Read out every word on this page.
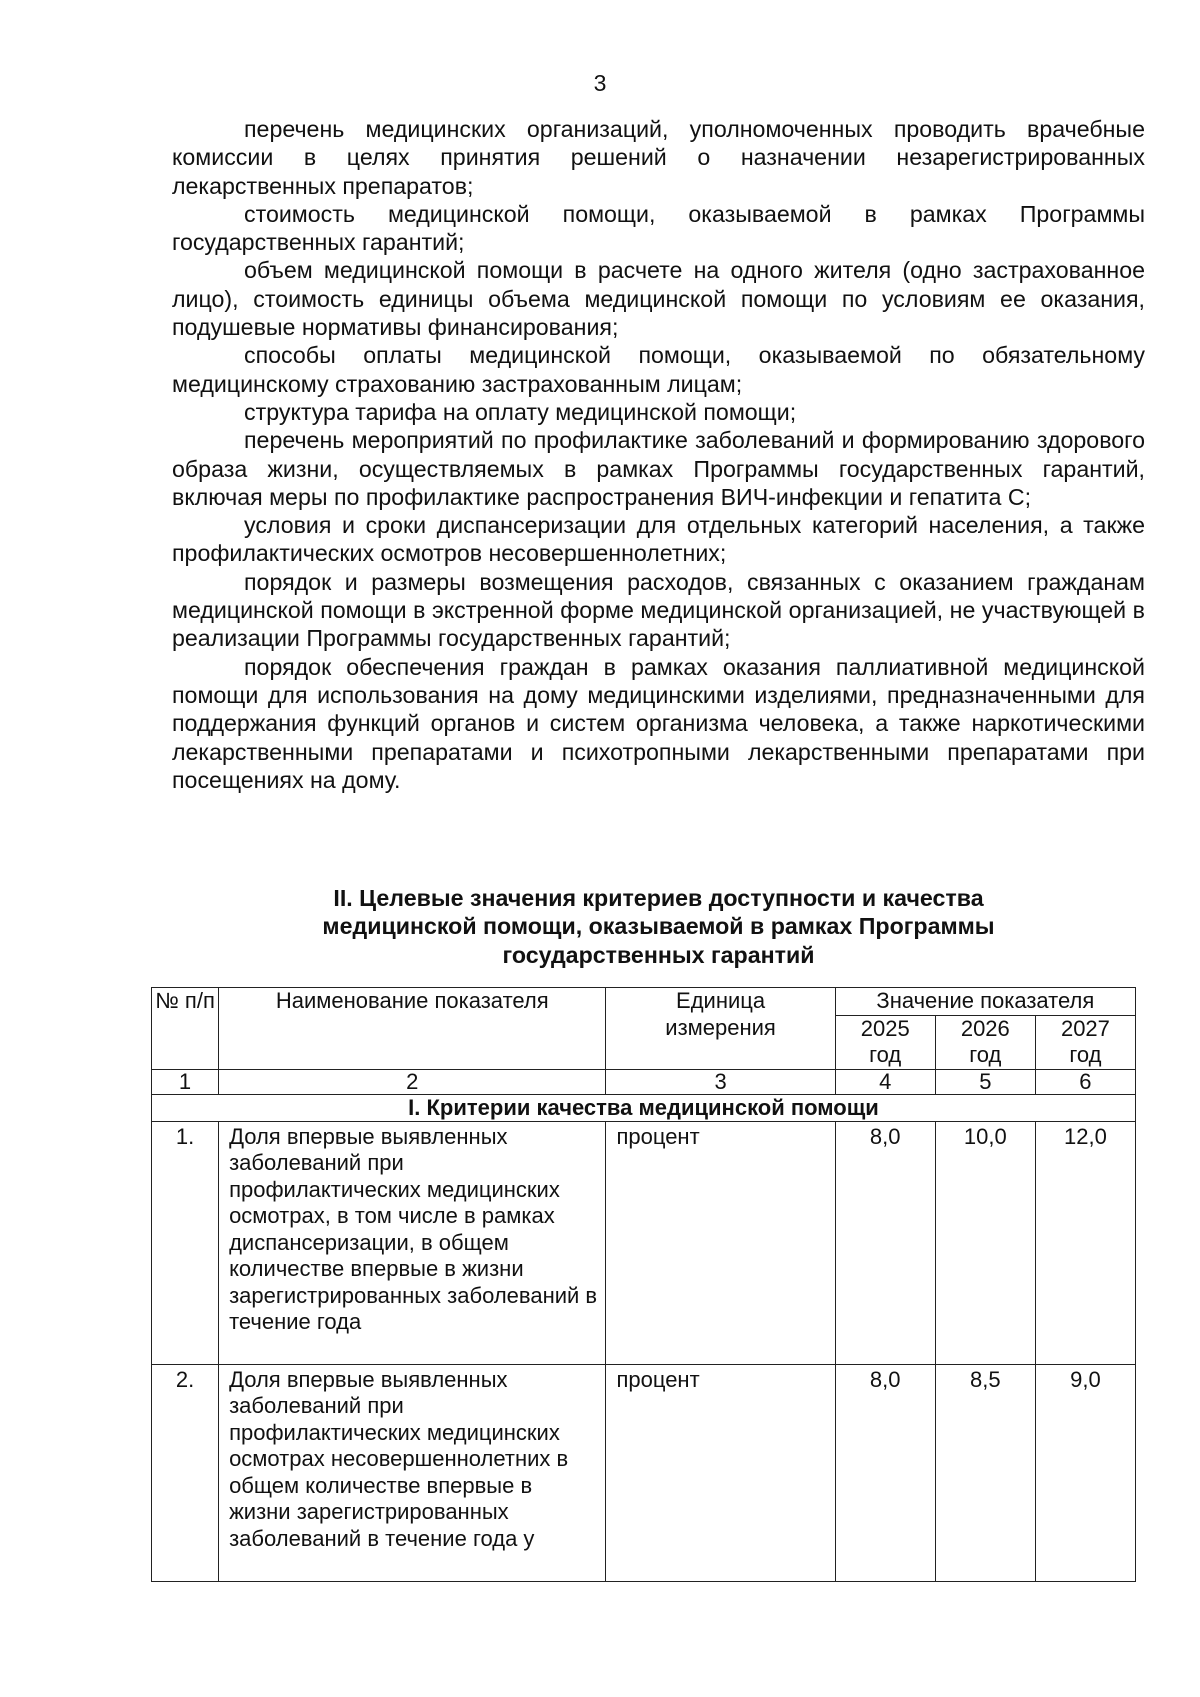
3

перечень медицинских организаций, уполномоченных проводить врачебные комиссии в целях принятия решений о назначении незарегистрированных лекарственных препаратов;

стоимость медицинской помощи, оказываемой в рамках Программы государственных гарантий;

объем медицинской помощи в расчете на одного жителя (одно застрахованное лицо), стоимость единицы объема медицинской помощи по условиям ее оказания, подушевые нормативы финансирования;

способы оплаты медицинской помощи, оказываемой по обязательному медицинскому страхованию застрахованным лицам;

структура тарифа на оплату медицинской помощи;

перечень мероприятий по профилактике заболеваний и формированию здорового образа жизни, осуществляемых в рамках Программы государственных гарантий, включая меры по профилактике распространения ВИЧ-инфекции и гепатита С;

условия и сроки диспансеризации для отдельных категорий населения, а также профилактических осмотров несовершеннолетних;

порядок и размеры возмещения расходов, связанных с оказанием гражданам медицинской помощи в экстренной форме медицинской организацией, не участвующей в реализации Программы государственных гарантий;

порядок обеспечения граждан в рамках оказания паллиативной медицинской помощи для использования на дому медицинскими изделиями, предназначенными для поддержания функций органов и систем организма человека, а также наркотическими лекарственными препаратами и психотропными лекарственными препаратами при посещениях на дому.

II. Целевые значения критериев доступности и качества
медицинской помощи, оказываемой в рамках Программы
государственных гарантий
№ п/п	Наименование показателя	Единица измерения	Значение показателя		
			2025 год	2026 год	2027 год
1	2	3	4	5	6
I. Критерии качества медицинской помощи					
1.	Доля впервые выявленных заболеваний при профилактических медицинских осмотрах, в том числе в рамках диспансеризации, в общем количестве впервые в жизни зарегистрированных заболеваний в течение года	процент	8,0	10,0	12,0
2.	Доля впервые выявленных заболеваний при профилактических медицинских осмотрах несовершеннолетних в общем количестве впервые в жизни зарегистрированных заболеваний в течение года у	процент	8,0	8,5	9,0
